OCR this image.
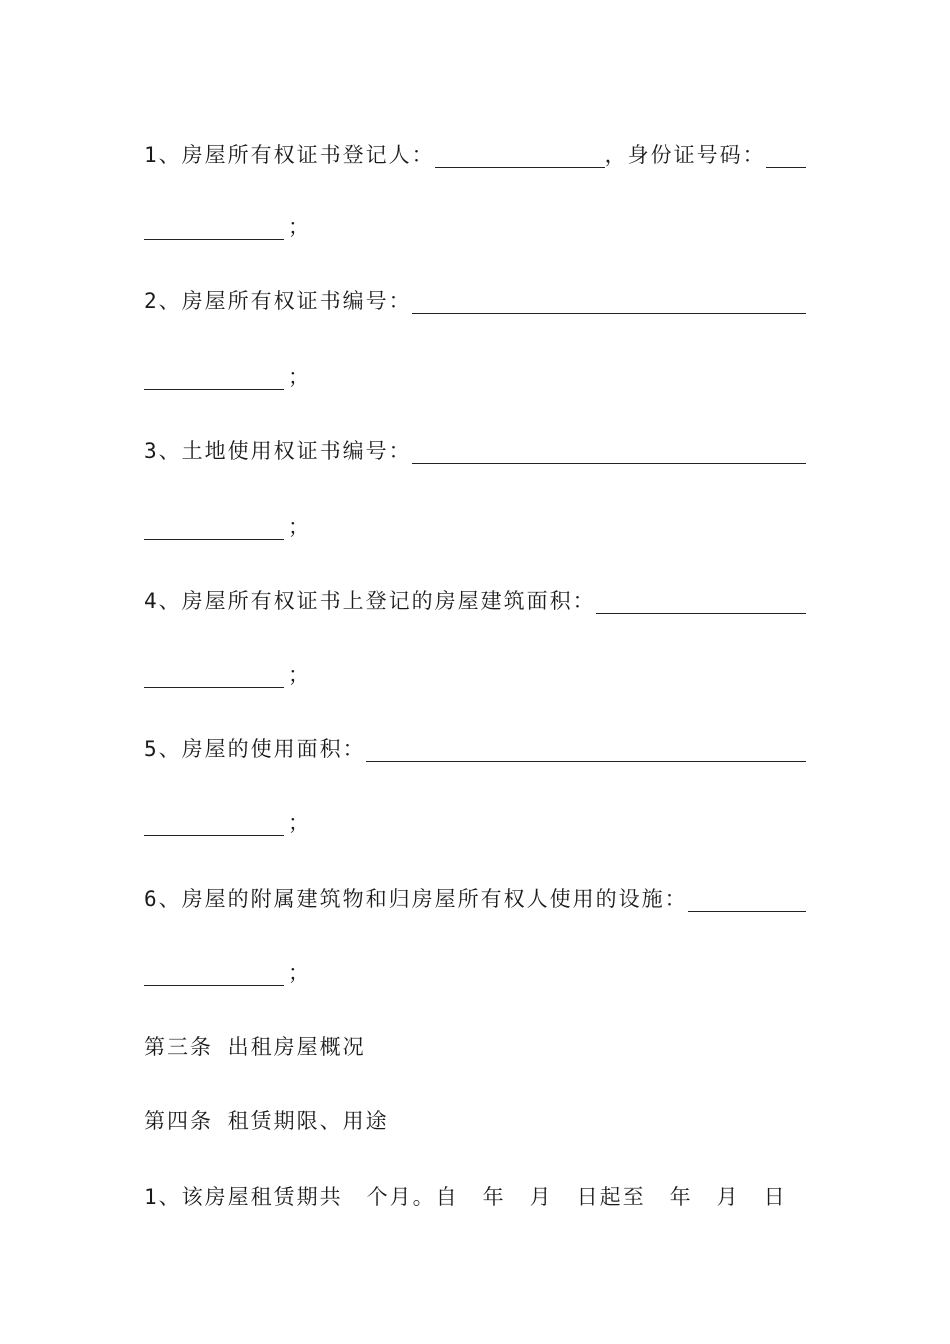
1、房屋所有权证书登记人：	，身份证号码：
；
2、房屋所有权证书编号：
；
3、土地使用权证书编号：
；
4、房屋所有权证书上登记的房屋建筑面积：
；
5、房屋的使用面积：
；
6、房屋的附属建筑物和归房屋所有权人使用的设施：
；
第三条 出租房屋概况
第四条 租赁期限、用途
1、该房屋租赁期共 个月。自 年 月 日起至 年 月 日
